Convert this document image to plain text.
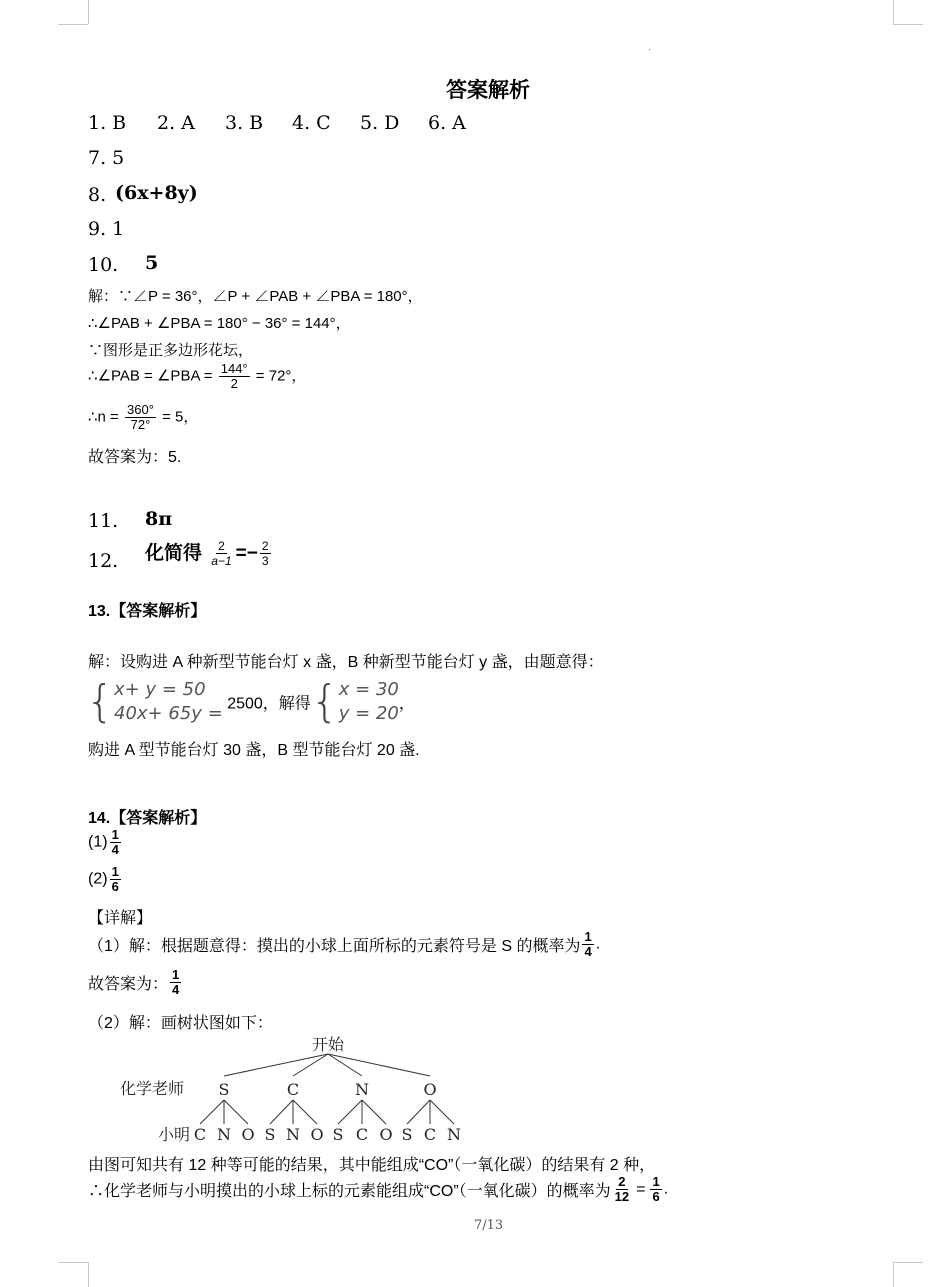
·
答案解析
1. B 2. A 3. B 4. C 5. D 6. A
7. 5
8. (6x+8y)
9. 1
10. 5
解：∵∠P = 36°，∠P + ∠PAB + ∠PBA = 180°，
∴∠PAB + ∠PBA = 180° − 36° = 144°，
∵图形是正多边形花坛，
∴∠PAB = ∠PBA = $\frac{144^\circ}{2} = 72^\circ$，
∴n = $\frac{360^\circ}{72^\circ} = 5$，
故答案为：5.
11. 8π
12. 化简得 $\frac{2}{a-1} =- \frac{2}{3}$
13.【答案解析】
解：设购进 A 种新型节能台灯 x 盏，B 种新型节能台灯 y 盏，由题意得：
{ x+ y = 50
40x+ 65y = 2500，解得{ x = 30
y = 20 ，
购进 A 型节能台灯 30 盏，B 型节能台灯 20 盏.
14.【答案解析】
$(1) \frac{1}{4}$
$(2) \frac{1}{6}$
【详解】
（1）解：根据题意得：摸出的小球上面所标的元素符号是 S 的概率为 $\frac{1}{4}$ .
故答案为： $\frac{1}{4}$
（2）解：画树状图如下：
开始
化学老师 S	C	N	O
小明 C N O S N O S C O S C N
由图可知共有 12 种等可能的结果，其中能组成“CO”（一氧化碳）的结果有 2 种，
∴化学老师与小明摸出的小球上标的元素能组成“CO”（一氧化碳）的概率为 $\frac{2}{12} = \frac{1}{6}$ .
7/13
